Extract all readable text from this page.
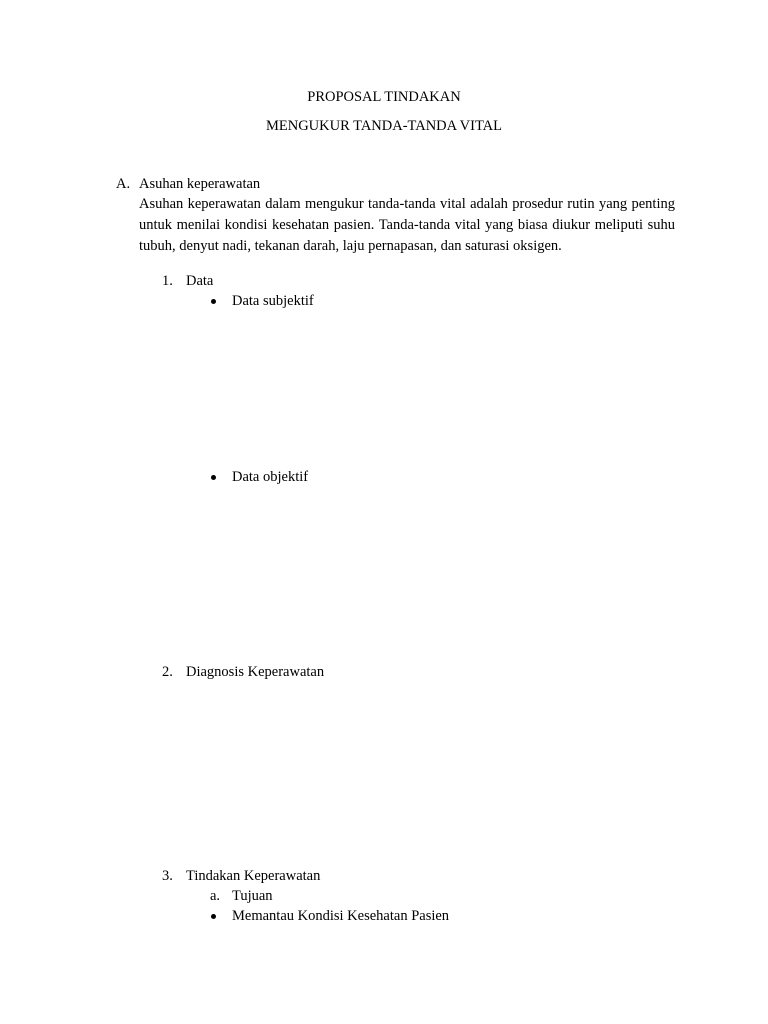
PROPOSAL TINDAKAN
MENGUKUR TANDA-TANDA VITAL
A. Asuhan keperawatan
Asuhan keperawatan dalam mengukur tanda-tanda vital adalah prosedur rutin yang penting untuk menilai kondisi kesehatan pasien. Tanda-tanda vital yang biasa diukur meliputi suhu tubuh, denyut nadi, tekanan darah, laju pernapasan, dan saturasi oksigen.
1. Data
Data subjektif
Data objektif
2. Diagnosis Keperawatan
3. Tindakan Keperawatan
a. Tujuan
Memantau Kondisi Kesehatan Pasien
